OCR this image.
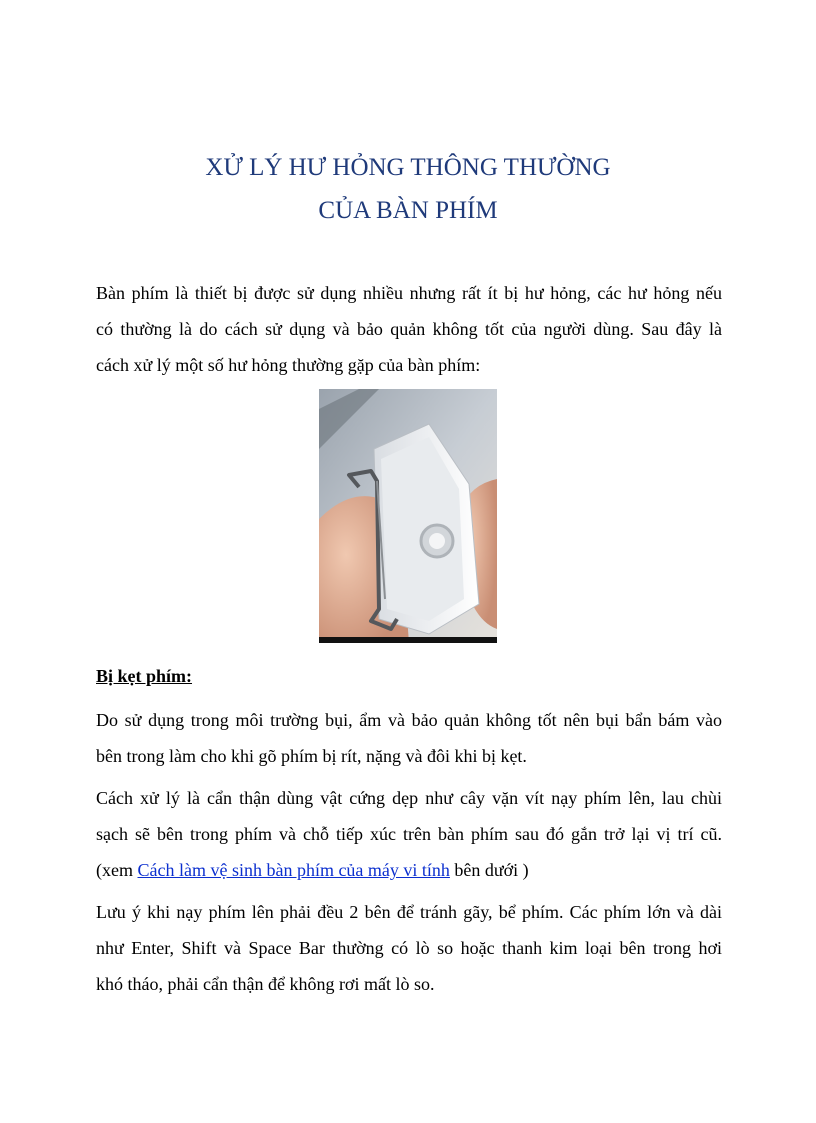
XỬ LÝ HƯ HỎNG THÔNG THƯỜNG
CỦA BÀN PHÍM
Bàn phím là thiết bị được sử dụng nhiều nhưng rất ít bị hư hỏng, các hư hỏng nếu
có thường là do cách sử dụng và bảo quản không tốt của người dùng. Sau đây là
cách xử lý một số hư hỏng thường gặp của bàn phím:
Bị kẹt phím:
Do sử dụng trong môi trường bụi, ẩm và bảo quản không tốt nên bụi bẩn bám vào
bên trong làm cho khi gõ phím bị rít, nặng và đôi khi bị kẹt.
Cách xử lý là cẩn thận dùng vật cứng dẹp như cây vặn vít nạy phím lên, lau chùi
sạch sẽ bên trong phím và chỗ tiếp xúc trên bàn phím sau đó gắn trở lại vị trí cũ.
(xem Cách làm vệ sinh bàn phím của máy vi tính bên dưới )
Lưu ý khi nạy phím lên phải đều 2 bên để tránh gãy, bể phím. Các phím lớn và dài
như Enter, Shift và Space Bar thường có lò so hoặc thanh kim loại bên trong hơi
khó tháo, phải cẩn thận để không rơi mất lò so.
